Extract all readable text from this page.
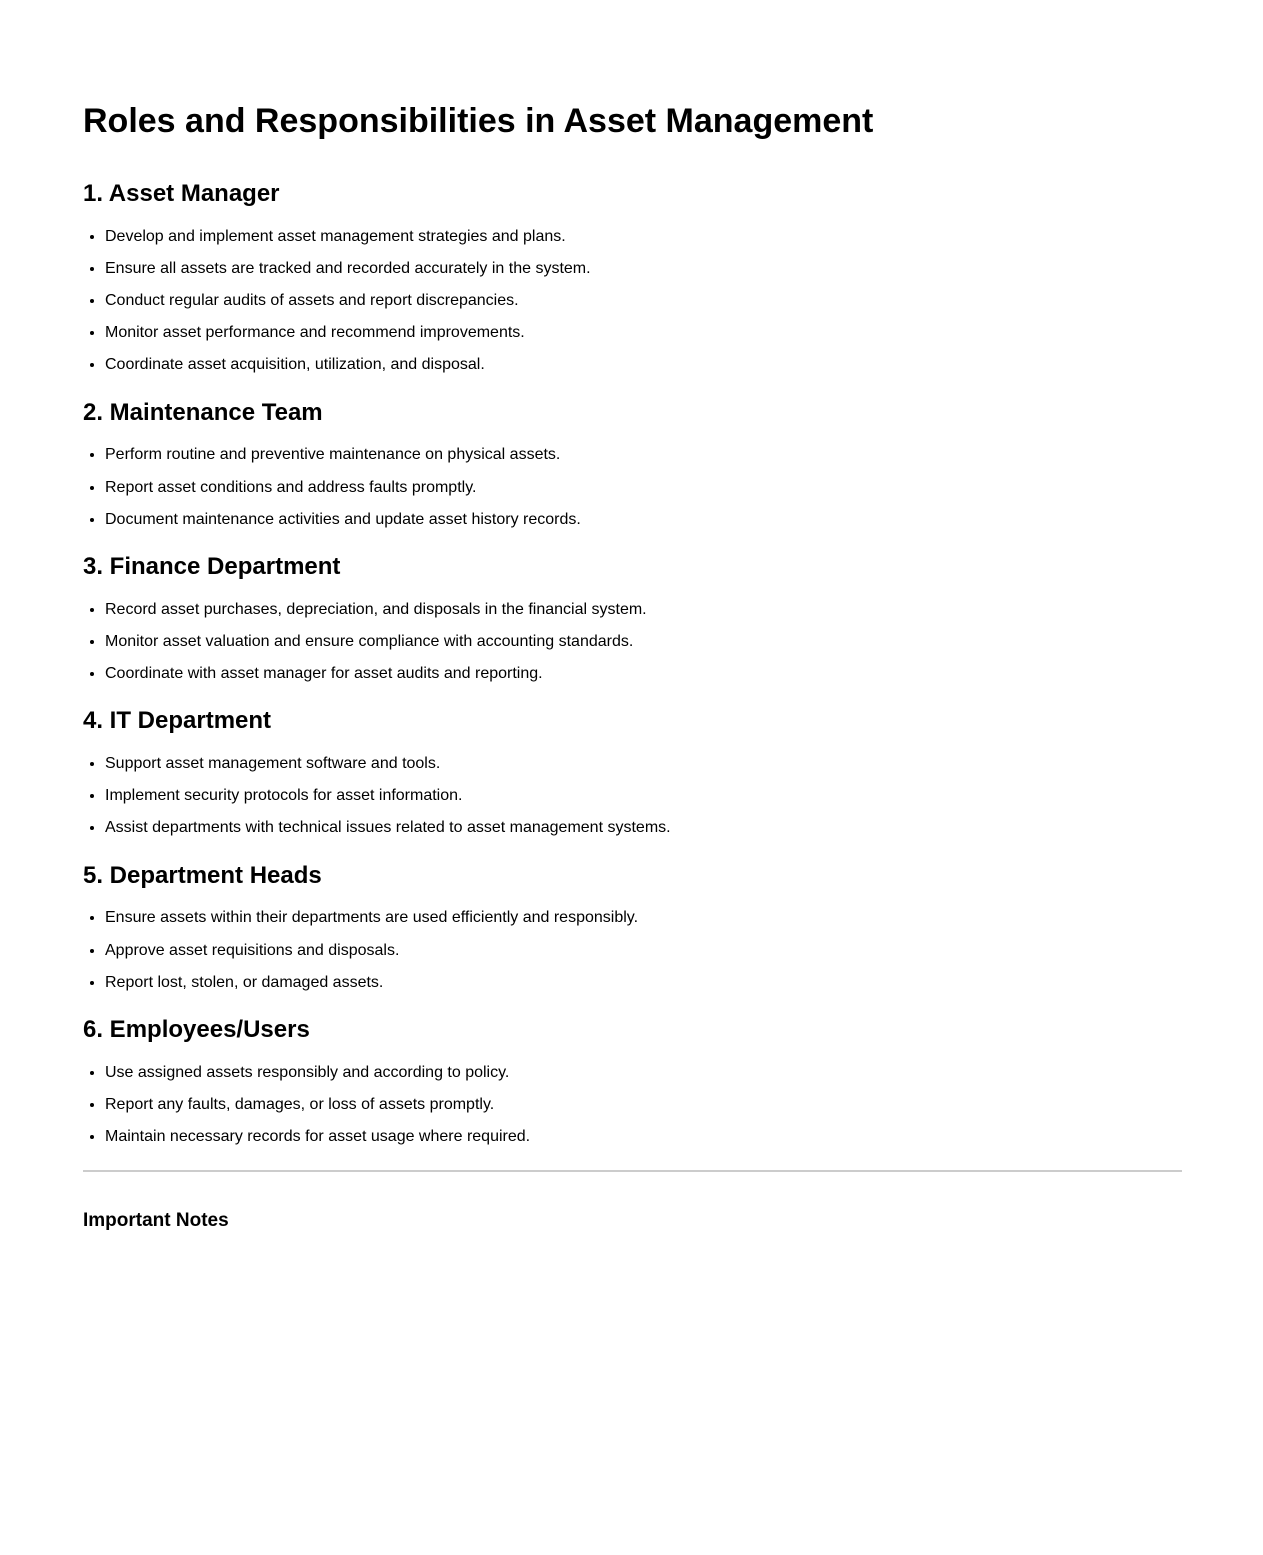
Roles and Responsibilities in Asset Management
1. Asset Manager
• Develop and implement asset management strategies and plans.
• Ensure all assets are tracked and recorded accurately in the system.
• Conduct regular audits of assets and report discrepancies.
• Monitor asset performance and recommend improvements.
• Coordinate asset acquisition, utilization, and disposal.
2. Maintenance Team
• Perform routine and preventive maintenance on physical assets.
• Report asset conditions and address faults promptly.
• Document maintenance activities and update asset history records.
3. Finance Department
• Record asset purchases, depreciation, and disposals in the financial system.
• Monitor asset valuation and ensure compliance with accounting standards.
• Coordinate with asset manager for asset audits and reporting.
4. IT Department
• Support asset management software and tools.
• Implement security protocols for asset information.
• Assist departments with technical issues related to asset management systems.
5. Department Heads
• Ensure assets within their departments are used efficiently and responsibly.
• Approve asset requisitions and disposals.
• Report lost, stolen, or damaged assets.
6. Employees/Users
• Use assigned assets responsibly and according to policy.
• Report any faults, damages, or loss of assets promptly.
• Maintain necessary records for asset usage where required.
Important Notes
